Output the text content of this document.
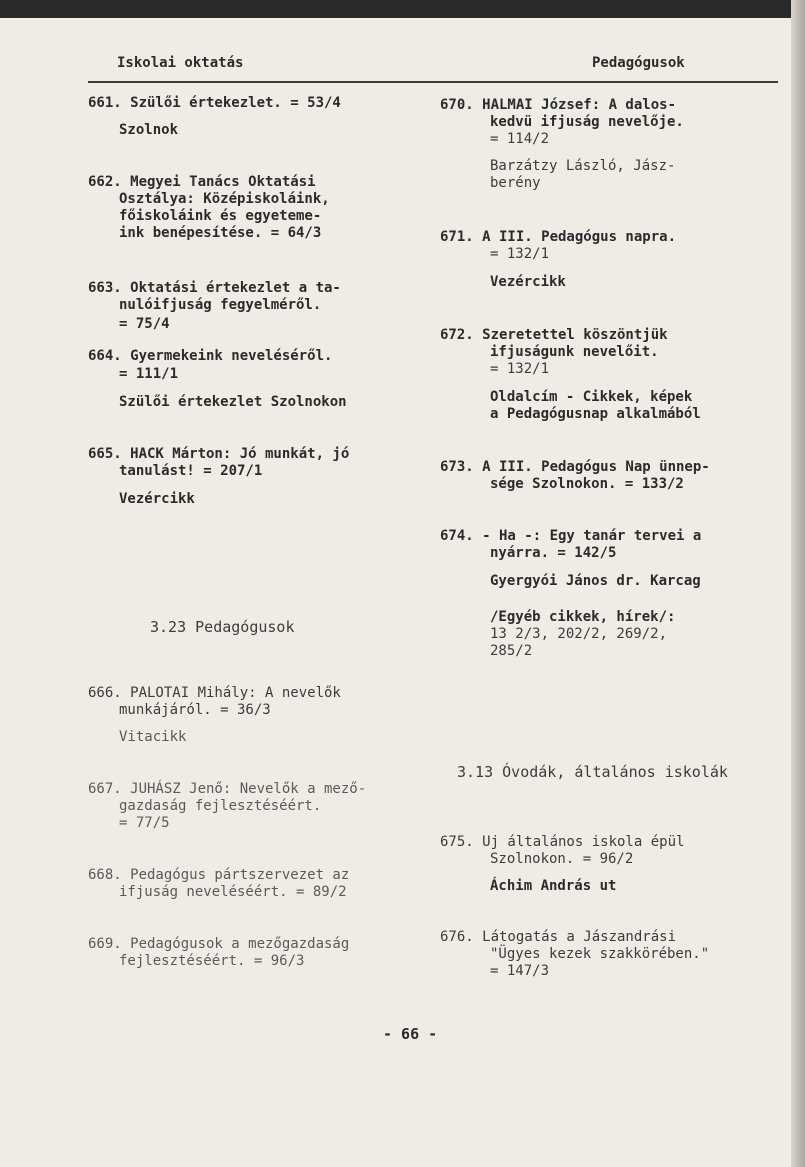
Iskolai oktatás	Pedagógusok
661. Szülői értekezlet. = 53/4
Szolnok
662. Megyei Tanács Oktatási
Osztálya: Középiskoláink,
főiskoláink és egyeteme-
ink benépesítése. = 64/3
663. Oktatási értekezlet a ta-
nulóifjuság fegyelméről.
= 75/4
664. Gyermekeink neveléséről.
= 111/1
Szülői értekezlet Szolnokon
665. HACK Márton: Jó munkát, jó
tanulást! = 207/1
Vezércikk
3.23 Pedagógusok
666. PALOTAI Mihály: A nevelők
munkájáról. = 36/3
Vitacikk
667. JUHÁSZ Jenő: Nevelők a mező-
gazdaság fejlesztéséért.
= 77/5
668. Pedagógus pártszervezet az
ifjuság neveléséért. = 89/2
669. Pedagógusok a mezőgazdaság
fejlesztéséért. = 96/3
670. HALMAI József: A dalos-
kedvü ifjuság nevelője.
= 114/2
Barzátzy László, Jász-
berény
671. A III. Pedagógus napra.
= 132/1
Vezércikk
672. Szeretettel köszöntjük
ifjuságunk nevelőit.
= 132/1
Oldalcím - Cikkek, képek
a Pedagógusnap alkalmából
673. A III. Pedagógus Nap ünnep-
sége Szolnokon. = 133/2
674. - Ha -: Egy tanár tervei a
nyárra. = 142/5
Gyergyói János dr. Karcag
/Egyéb cikkek, hírek/:
13 2/3, 202/2, 269/2,
285/2
3.13 Óvodák, általános iskolák
675. Uj általános iskola épül
Szolnokon. = 96/2
Áchim András ut
676. Látogatás a Jászandrási
"Ügyes kezek szakkörében."
= 147/3
- 66 -
